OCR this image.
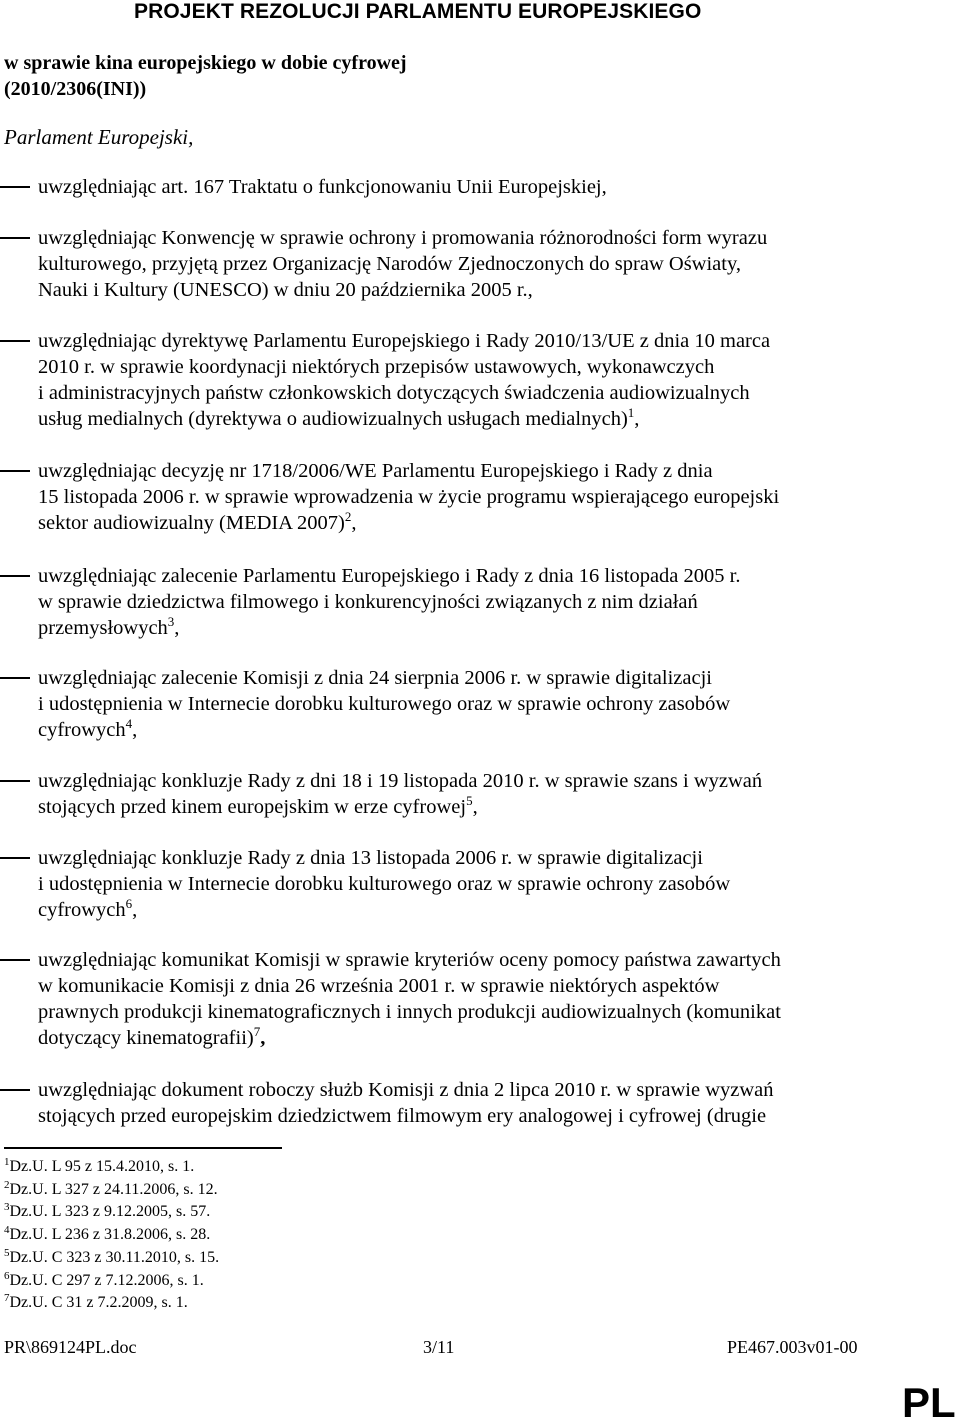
PROJEKT REZOLUCJI PARLAMENTU EUROPEJSKIEGO
w sprawie kina europejskiego w dobie cyfrowej
(2010/2306(INI))
Parlament Europejski,
uwzględniając art. 167 Traktatu o funkcjonowaniu Unii Europejskiej,
uwzględniając Konwencję w sprawie ochrony i promowania różnorodności form wyrazu
kulturowego, przyjętą przez Organizację Narodów Zjednoczonych do spraw Oświaty,
Nauki i Kultury (UNESCO) w dniu 20 października 2005 r.,
uwzględniając dyrektywę Parlamentu Europejskiego i Rady 2010/13/UE z dnia 10 marca
2010 r. w sprawie koordynacji niektórych przepisów ustawowych, wykonawczych
i administracyjnych państw członkowskich dotyczących świadczenia audiowizualnych
usług medialnych (dyrektywa o audiowizualnych usługach medialnych)$^1$,
uwzględniając decyzję nr 1718/2006/WE Parlamentu Europejskiego i Rady z dnia
15 listopada 2006 r. w sprawie wprowadzenia w życie programu wspierającego europejski
sektor audiowizualny (MEDIA 2007)$^2$,
uwzględniając zalecenie Parlamentu Europejskiego i Rady z dnia 16 listopada 2005 r.
w sprawie dziedzictwa filmowego i konkurencyjności związanych z nim działań
przemysłowych$^3$,
uwzględniając zalecenie Komisji z dnia 24 sierpnia 2006 r. w sprawie digitalizacji
i udostępnienia w Internecie dorobku kulturowego oraz w sprawie ochrony zasobów
cyfrowych$^4$,
uwzględniając konkluzje Rady z dni 18 i 19 listopada 2010 r. w sprawie szans i wyzwań
stojących przed kinem europejskim w erze cyfrowej$^5$,
uwzględniając konkluzje Rady z dnia 13 listopada 2006 r. w sprawie digitalizacji
i udostępnienia w Internecie dorobku kulturowego oraz w sprawie ochrony zasobów
cyfrowych$^6$,
uwzględniając komunikat Komisji w sprawie kryteriów oceny pomocy państwa zawartych
w komunikacie Komisji z dnia 26 września 2001 r. w sprawie niektórych aspektów
prawnych produkcji kinematograficznych i innych produkcji audiowizualnych (komunikat
dotyczący kinematografii)$^7$,
uwzględniając dokument roboczy służb Komisji z dnia 2 lipca 2010 r. w sprawie wyzwań
stojących przed europejskim dziedzictwem filmowym ery analogowej i cyfrowej (drugie
$^1$Dz.U. L 95 z 15.4.2010, s. 1.
$^2$Dz.U. L 327 z 24.11.2006, s. 12.
$^3$Dz.U. L 323 z 9.12.2005, s. 57.
$^4$Dz.U. L 236 z 31.8.2006, s. 28.
$^5$Dz.U. C 323 z 30.11.2010, s. 15.
$^6$Dz.U. C 297 z 7.12.2006, s. 1.
$^7$Dz.U. C 31 z 7.2.2009, s. 1.
PR\869124PL.doc	3/11	PE467.003v01-00
PL
